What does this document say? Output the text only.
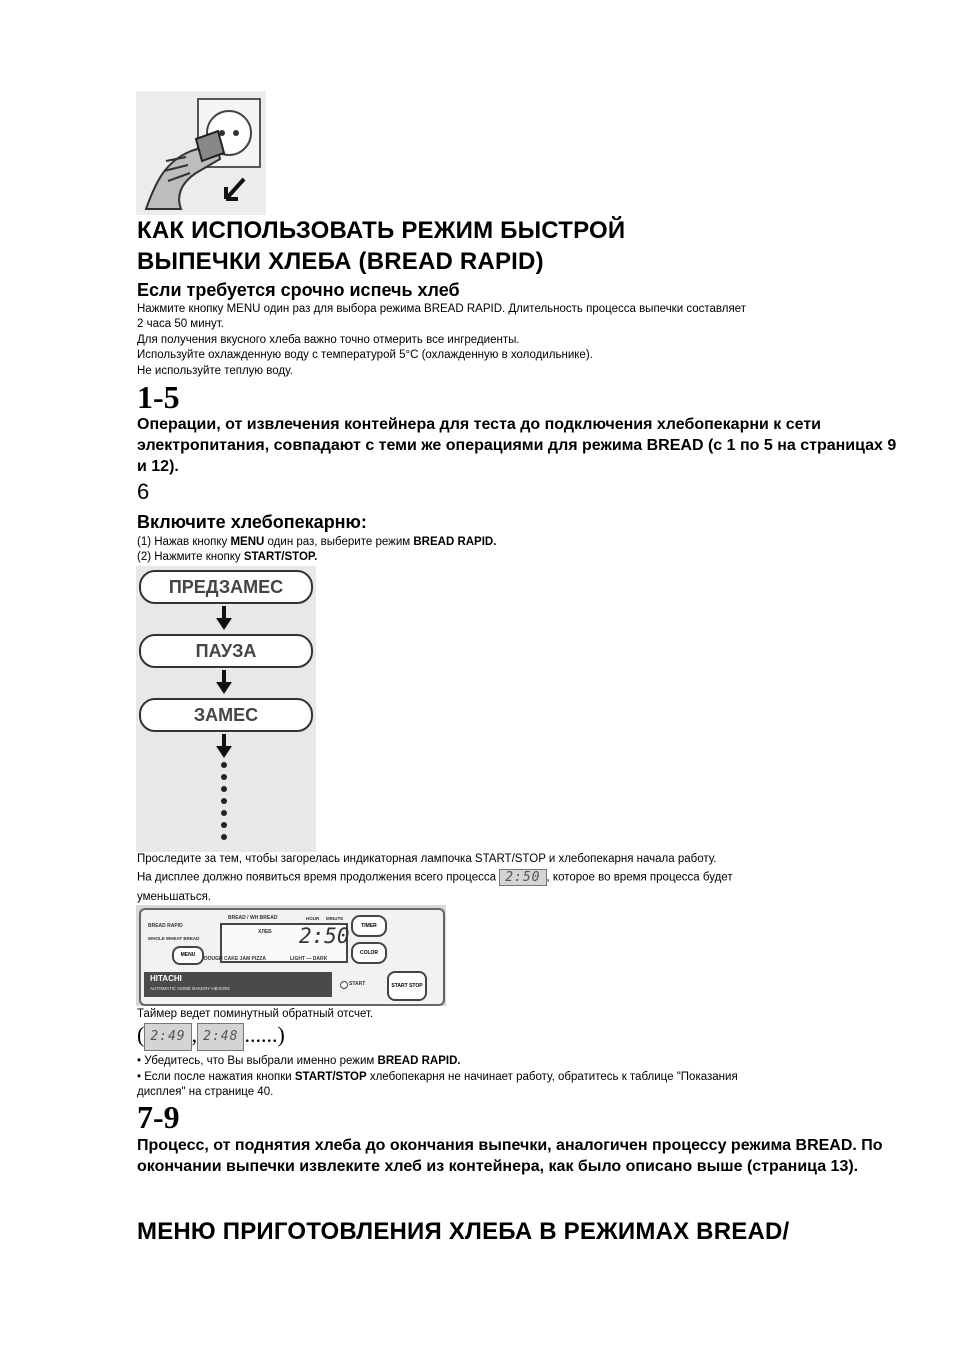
КАК ИСПОЛЬЗОВАТЬ РЕЖИМ БЫСТРОЙ
ВЫПЕЧКИ ХЛЕБА (BREAD RAPID)
Если требуется срочно испечь хлеб
Нажмите кнопку MENU один раз для выбора режима BREAD RAPID. Длительность процесса выпечки составляет
2 часа 50 минут.
Для получения вкусного хлеба важно точно отмерить все ингредиенты.
Используйте охлажденную воду с температурой 5°С (охлажденную в холодильнике).
Не используйте теплую воду.
1-5
Операции, от извлечения контейнера для теста до подключения хлебопекарни к сети электропитания, совпадают с теми же операциями для режима BREAD (с 1 по 5 на страницах 9 и 12).
6
Включите хлебопекарню:
(1) Нажав кнопку MENU один раз, выберите режим BREAD RAPID.
(2) Нажмите кнопку START/STOP.
ПРЕДЗАМЕС
ПАУЗА
ЗАМЕС
Проследите за тем, чтобы загорелась индикаторная лампочка START/STOP и хлебопекарня начала работу.
На дисплее должно появиться время продолжения всего процесса 2:50 , которое во время процесса будет
уменьшаться.
BREAD / WH BREAD	HOUR MINUTE
BREAD RAPID
WHOLE WHEAT BREAD
ХЛЕБ 2:50	TIMER
MENU
DOUGH CAKE JAM PIZZA	LIGHT — DARK
COLOR
HITACHI
AUTOMATIC HOME BAKERY HB-E303
START	START STOP
Таймер ведет поминутный обратный отсчет.
( 2:49 , 2:48 ......)
• Убедитесь, что Вы выбрали именно режим BREAD RAPID.
• Если после нажатия кнопки START/STOP хлебопекарня не начинает работу, обратитесь к таблице "Показания
дисплея" на странице 40.
7-9
Процесс, от поднятия хлеба до окончания выпечки, аналогичен процессу режима BREAD. По окончании выпечки извлеките хлеб из контейнера, как было описано выше (страница 13).
МЕНЮ ПРИГОТОВЛЕНИЯ ХЛЕБА В РЕЖИМАХ BREAD/
